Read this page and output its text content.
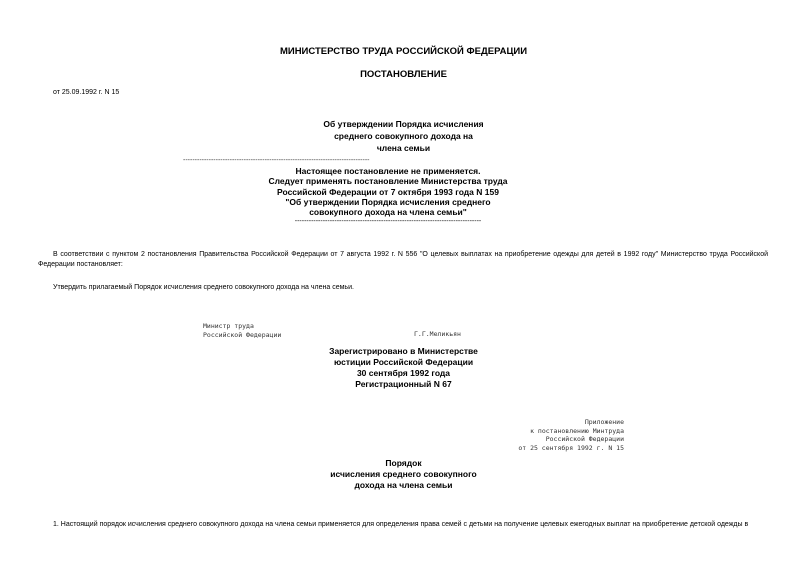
МИНИСТЕРСТВО ТРУДА РОССИЙСКОЙ ФЕДЕРАЦИИ
ПОСТАНОВЛЕНИЕ
от 25.09.1992 г. N 15
Об утверждении Порядка исчисления
среднего совокупного дохода на
члена семьи
--------------------------------------------------------------------------------
Настоящее постановление не применяется.
Следует применять постановление Министерства труда
Российской Федерации от 7 октября 1993 года N 159
"Об утверждении Порядка исчисления среднего
совокупного дохода на члена семьи"
--------------------------------------------------------------------------------
В соответствии с пунктом 2 постановления Правительства Российской Федерации от 7 августа 1992 г. N 556 "О целевых выплатах на приобретение одежды для детей в 1992 году" Министерство труда Российской Федерации постановляет:
Утвердить прилагаемый Порядок исчисления среднего совокупного дохода на члена семьи.
Министр труда
Российской Федерации	Г.Г.Меликьян
Зарегистрировано в Министерстве
юстиции Российской Федерации
30 сентября 1992 года
Регистрационный N 67
Приложение
к постановлению Минтруда
Российской Федерации
от 25 сентября 1992 г. N 15
Порядок
исчисления среднего совокупного
дохода на члена семьи
1. Настоящий порядок исчисления среднего совокупного дохода на члена семьи применяется для определения права семей с детьми на получение целевых ежегодных выплат на приобретение детской одежды в
